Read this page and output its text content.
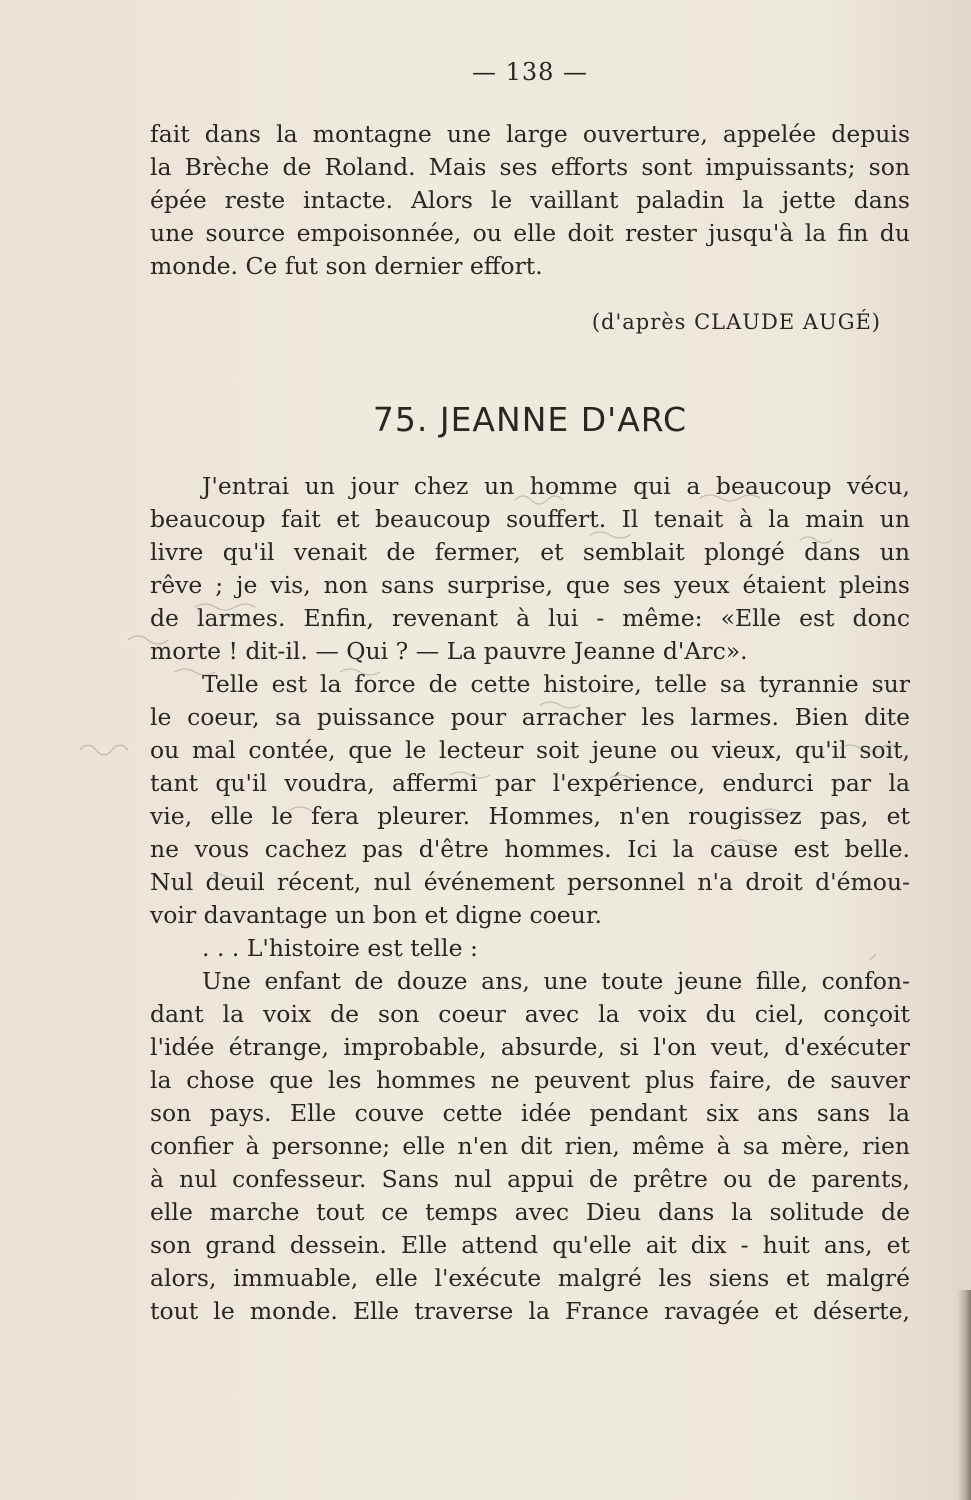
— 138 —
fait dans la montagne une large ouverture, appelée depuis
la Brèche de Roland. Mais ses efforts sont impuissants; son
épée reste intacte. Alors le vaillant paladin la jette dans
une source empoisonnée, ou elle doit rester jusqu'à la fin du
monde. Ce fut son dernier effort.
(d'après CLAUDE AUGÉ)
75. JEANNE D'ARC
J'entrai un jour chez un homme qui a beaucoup vécu,
beaucoup fait et beaucoup souffert. Il tenait à la main un
livre qu'il venait de fermer, et semblait plongé dans un
rêve ; je vis, non sans surprise, que ses yeux étaient pleins
de larmes. Enfin, revenant à lui - même: «Elle est donc
morte ! dit-il. — Qui ? — La pauvre Jeanne d'Arc».
Telle est la force de cette histoire, telle sa tyrannie sur
le coeur, sa puissance pour arracher les larmes. Bien dite
ou mal contée, que le lecteur soit jeune ou vieux, qu'il soit,
tant qu'il voudra, affermi par l'expérience, endurci par la
vie, elle le fera pleurer. Hommes, n'en rougissez pas, et
ne vous cachez pas d'être hommes. Ici la cause est belle.
Nul deuil récent, nul événement personnel n'a droit d'émou-
voir davantage un bon et digne coeur.
. . . L'histoire est telle :
Une enfant de douze ans, une toute jeune fille, confon-
dant la voix de son coeur avec la voix du ciel, conçoit
l'idée étrange, improbable, absurde, si l'on veut, d'exécuter
la chose que les hommes ne peuvent plus faire, de sauver
son pays. Elle couve cette idée pendant six ans sans la
confier à personne; elle n'en dit rien, même à sa mère, rien
à nul confesseur. Sans nul appui de prêtre ou de parents,
elle marche tout ce temps avec Dieu dans la solitude de
son grand dessein. Elle attend qu'elle ait dix - huit ans, et
alors, immuable, elle l'exécute malgré les siens et malgré
tout le monde. Elle traverse la France ravagée et déserte,
